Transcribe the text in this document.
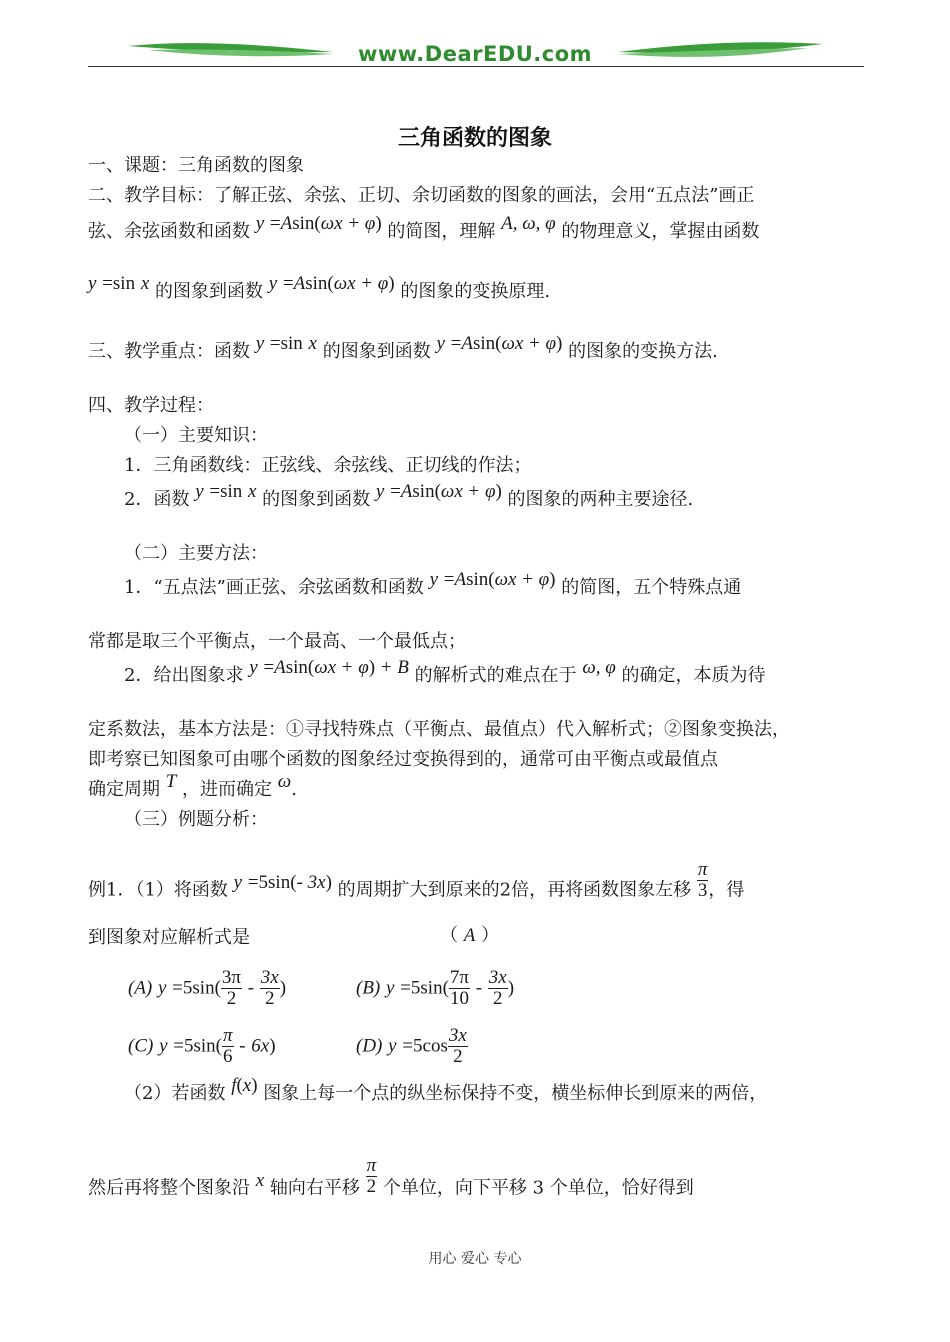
www.DearEDU.com
三角函数的图象
一、课题：三角函数的图象
二、教学目标：了解正弦、余弦、正切、余切函数的图象的画法，会用“五点法”画正
弦、余弦函数和函数 y =Asin(ωx + φ) 的简图，理解 A, ω, φ 的物理意义，掌握由函数
y =sin x 的图象到函数 y =Asin(ωx + φ) 的图象的变换原理.
三、教学重点：函数 y =sin x 的图象到函数 y =Asin(ωx + φ) 的图象的变换方法.
四、教学过程：
（一）主要知识：
1．三角函数线：正弦线、余弦线、正切线的作法；
2．函数 y =sin x 的图象到函数 y =Asin(ωx + φ) 的图象的两种主要途径.
（二）主要方法：
1．“五点法”画正弦、余弦函数和函数 y =Asin(ωx + φ) 的简图，五个特殊点通
常都是取三个平衡点，一个最高、一个最低点；
2．给出图象求 y =Asin(ωx + φ) + B 的解析式的难点在于 ω, φ 的确定，本质为待
定系数法，基本方法是：①寻找特殊点（平衡点、最值点）代入解析式；②图象变换法，
即考察已知图象可由哪个函数的图象经过变换得到的，通常可由平衡点或最值点
确定周期 T ，进而确定 ω.
（三）例题分析：
例1．（1）将函数 y =5sin(- 3x) 的周期扩大到原来的2倍，再将函数图象左移 $\frac{\pi}{3}$ ，得
到图象对应解析式是	（ A ）
(A) $y =5\sin( \frac{3\pi}{2} - \frac{3x}{2}$ )	(B) $y =5\sin( \frac{7\pi}{10} - \frac{3x}{2}$ )
(C) $y =5\sin( \frac{\pi}{6} - 6x)$	(D) $y =5\cos \frac{3x}{2}$
（2）若函数 f(x) 图象上每一个点的纵坐标保持不变，横坐标伸长到原来的两倍，
然后再将整个图象沿 x 轴向右平移 $\frac{\pi}{2}$ 个单位，向下平移 3 个单位，恰好得到
用心 爱心 专心
